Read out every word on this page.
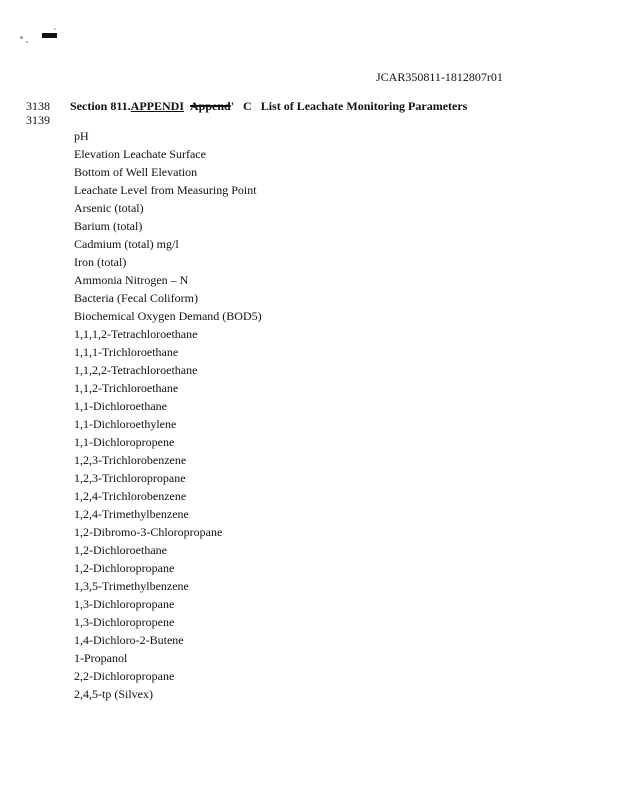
JCAR350811-1812807r01
3138
3139
Section 811.APPENDI Append' C List of Leachate Monitoring Parameters
pH
Elevation Leachate Surface
Bottom of Well Elevation
Leachate Level from Measuring Point
Arsenic (total)
Barium (total)
Cadmium (total) mg/l
Iron (total)
Ammonia Nitrogen – N
Bacteria (Fecal Coliform)
Biochemical Oxygen Demand (BOD5)
1,1,1,2-Tetrachloroethane
1,1,1-Trichloroethane
1,1,2,2-Tetrachloroethane
1,1,2-Trichloroethane
1,1-Dichloroethane
1,1-Dichloroethylene
1,1-Dichloropropene
1,2,3-Trichlorobenzene
1,2,3-Trichloropropane
1,2,4-Trichlorobenzene
1,2,4-Trimethylbenzene
1,2-Dibromo-3-Chloropropane
1,2-Dichloroethane
1,2-Dichloropropane
1,3,5-Trimethylbenzene
1,3-Dichloropropane
1,3-Dichloropropene
1,4-Dichloro-2-Butene
1-Propanol
2,2-Dichloropropane
2,4,5-tp (Silvex)
